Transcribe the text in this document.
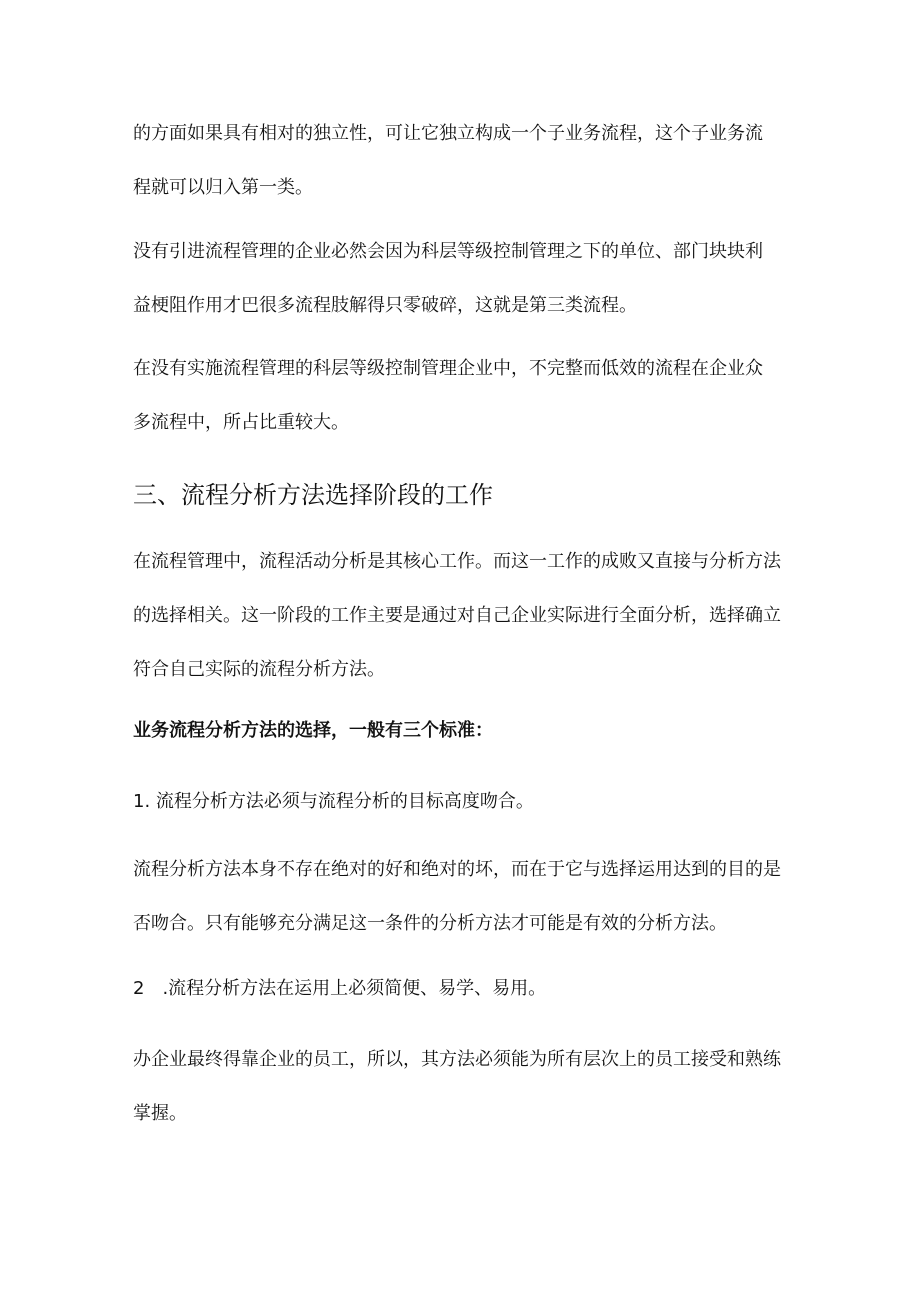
的方面如果具有相对的独立性，可让它独立构成一个子业务流程，这个子业务流
程就可以归入第一类。

没有引进流程管理的企业必然会因为科层等级控制管理之下的单位、部门块块利
益梗阻作用才巴很多流程肢解得只零破碎，这就是第三类流程。

在没有实施流程管理的科层等级控制管理企业中，不完整而低效的流程在企业众
多流程中，所占比重较大。

三、流程分析方法选择阶段的工作

在流程管理中，流程活动分析是其核心工作。而这一工作的成败又直接与分析方法
的选择相关。这一阶段的工作主要是通过对自己企业实际进行全面分析，选择确立
符合自己实际的流程分析方法。

业务流程分析方法的选择，一般有三个标准：

1. 流程分析方法必须与流程分析的目标高度吻合。

流程分析方法本身不存在绝对的好和绝对的坏，而在于它与选择运用达到的目的是
否吻合。只有能够充分满足这一条件的分析方法才可能是有效的分析方法。

2　.流程分析方法在运用上必须简便、易学、易用。

办企业最终得靠企业的员工，所以，其方法必须能为所有层次上的员工接受和熟练
掌握。
